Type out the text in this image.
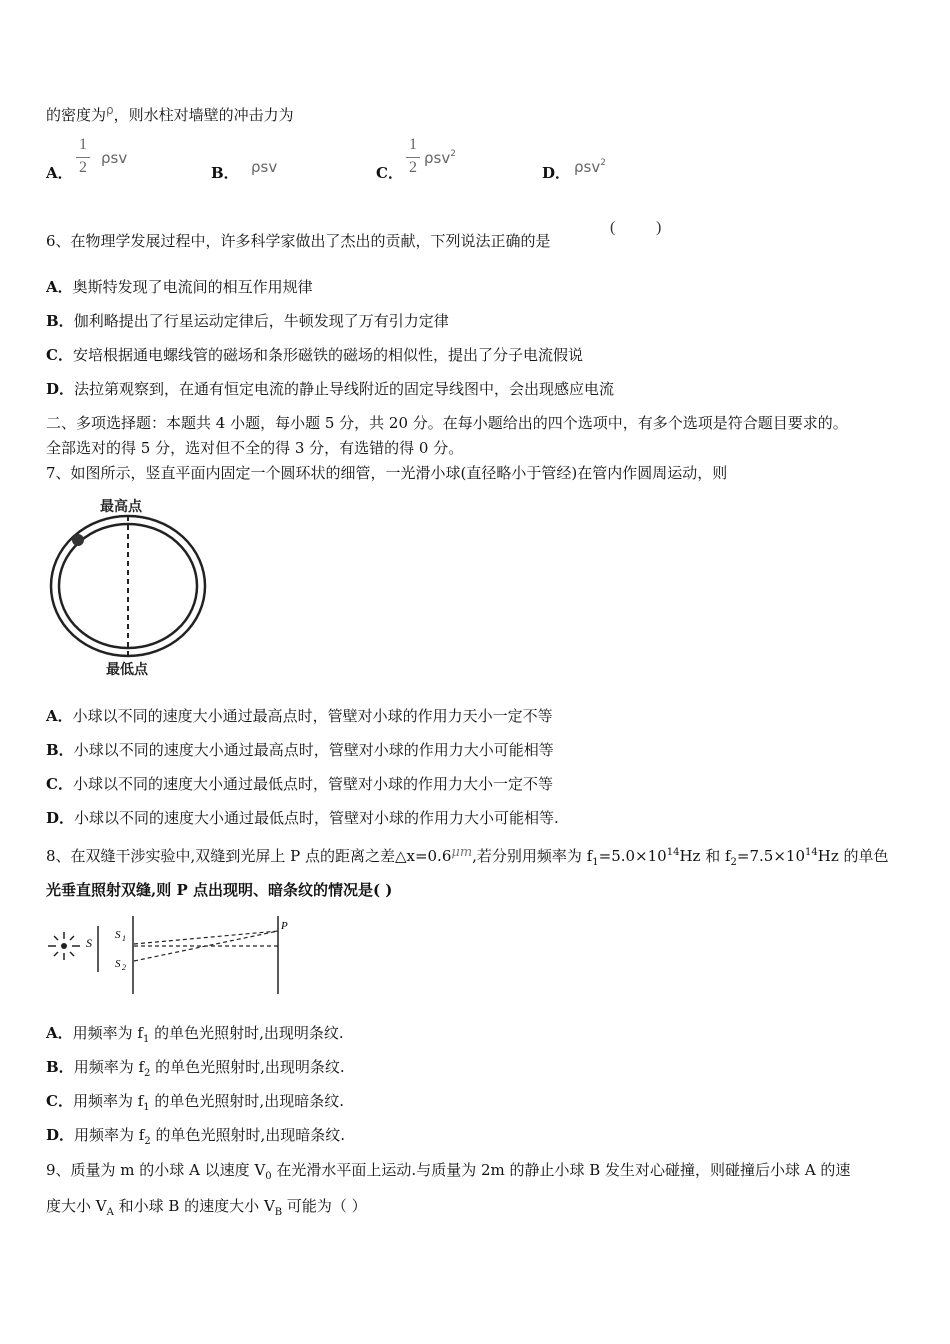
的密度为$^\rho$，则水柱对墙壁的冲击力为
A．
1
2
ρsv
B． ρsv	C．
1
2
ρsv$^2$
D． ρsv$^2$
6、在物理学发展过程中，许多科学家做出了杰出的贡献，下列说法正确的是
(	)
A．奥斯特发现了电流间的相互作用规律
B．伽利略提出了行星运动定律后，牛顿发现了万有引力定律
C．安培根据通电螺线管的磁场和条形磁铁的磁场的相似性，提出了分子电流假说
D．法拉第观察到，在通有恒定电流的静止导线附近的固定导线图中，会出现感应电流
二、多项选择题：本题共 4 小题，每小题 5 分，共 20 分。在每小题给出的四个选项中，有多个选项是符合题目要求的。
全部选对的得 5 分，选对但不全的得 3 分，有选错的得 0 分。
7、如图所示，竖直平面内固定一个圆环状的细管，一光滑小球(直径略小于管经)在管内作圆周运动，则
最高点
最低点
A．小球以不同的速度大小通过最高点时，管壁对小球的作用力天小一定不等
B．小球以不同的速度大小通过最高点时，管壁对小球的作用力大小可能相等
C．小球以不同的速度大小通过最低点时，管壁对小球的作用力大小一定不等
D．小球以不同的速度大小通过最低点时，管壁对小球的作用力大小可能相等.
8、在双缝干涉实验中,双缝到光屏上 P 点的距离之差△x=0.6μm,若分别用频率为 $f_1=5.0\times 10^{14}Hz$ 和 $f_2=7.5\times 10^{14}Hz$ 的单色
光垂直照射双缝,则 P 点出现明、暗条纹的情况是( )
S
S 1
S 2
P
A．用频率为 $f_1$ 的单色光照射时,出现明条纹.
B．用频率为 $f_2$ 的单色光照射时,出现明条纹.
C．用频率为 $f_1$ 的单色光照射时,出现暗条纹.
D．用频率为 $f_2$ 的单色光照射时,出现暗条纹.
9、质量为 m 的小球 A 以速度 $V_0$ 在光滑水平面上运动.与质量为 2m 的静止小球 B 发生对心碰撞，则碰撞后小球 A 的速
度大小 $V_A$ 和小球 B 的速度大小 $V_B$ 可能为（ ）
